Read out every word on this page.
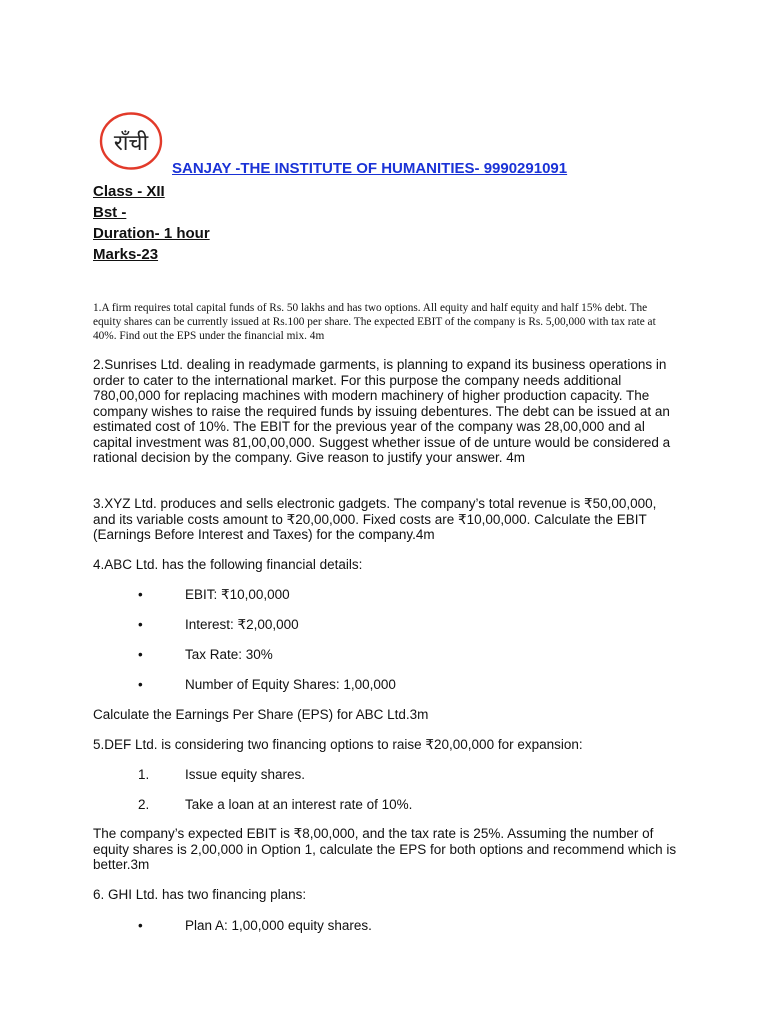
राँची
SANJAY -THE INSTITUTE OF HUMANITIES- 9990291091
Class - XII
Bst -
Duration- 1 hour
Marks-23

1.A firm requires total capital funds of Rs. 50 lakhs and has two options. All equity and half equity and half 15% debt. The equity shares can be currently issued at Rs.100 per share. The expected EBIT of the company is Rs. 5,00,000 with tax rate at 40%. Find out the EPS under the financial mix. 4m

2.Sunrises Ltd. dealing in readymade garments, is planning to expand its business operations in order to cater to the international market. For this purpose the company needs additional 780,00,000 for replacing machines with modern machinery of higher production capacity. The company wishes to raise the required funds by issuing debentures. The debt can be issued at an estimated cost of 10%. The EBIT for the previous year of the company was 28,00,000 and al capital investment was 81,00,00,000. Suggest whether issue of de unture would be considered a rational decision by the company. Give reason to justify your answer. 4m

3.XYZ Ltd. produces and sells electronic gadgets. The company’s total revenue is ₹50,00,000, and its variable costs amount to ₹20,00,000. Fixed costs are ₹10,00,000. Calculate the EBIT (Earnings Before Interest and Taxes) for the company.4m

4.ABC Ltd. has the following financial details:
•	EBIT: ₹10,00,000
•	Interest: ₹2,00,000
•	Tax Rate: 30%
•	Number of Equity Shares: 1,00,000
Calculate the Earnings Per Share (EPS) for ABC Ltd.3m
5.DEF Ltd. is considering two financing options to raise ₹20,00,000 for expansion:
1.	Issue equity shares.
2.	Take a loan at an interest rate of 10%.

The company’s expected EBIT is ₹8,00,000, and the tax rate is 25%. Assuming the number of equity shares is 2,00,000 in Option 1, calculate the EPS for both options and recommend which is better.3m

6. GHI Ltd. has two financing plans:
•	Plan A: 1,00,000 equity shares.
